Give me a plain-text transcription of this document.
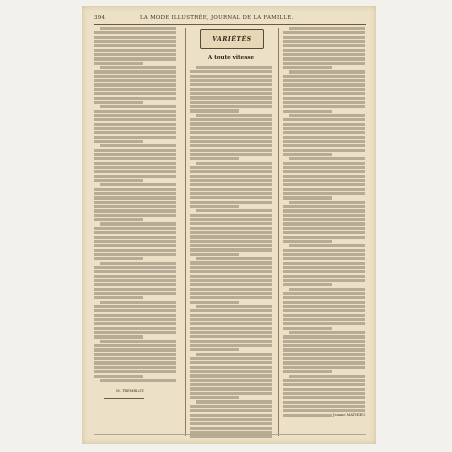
394	LA MODE ILLUSTRÉE, JOURNAL DE LA FAMILLE.
VARIÉTÉS
A toute vitesse
M. TREMBLOT.
Jeanne MATHIEU.
